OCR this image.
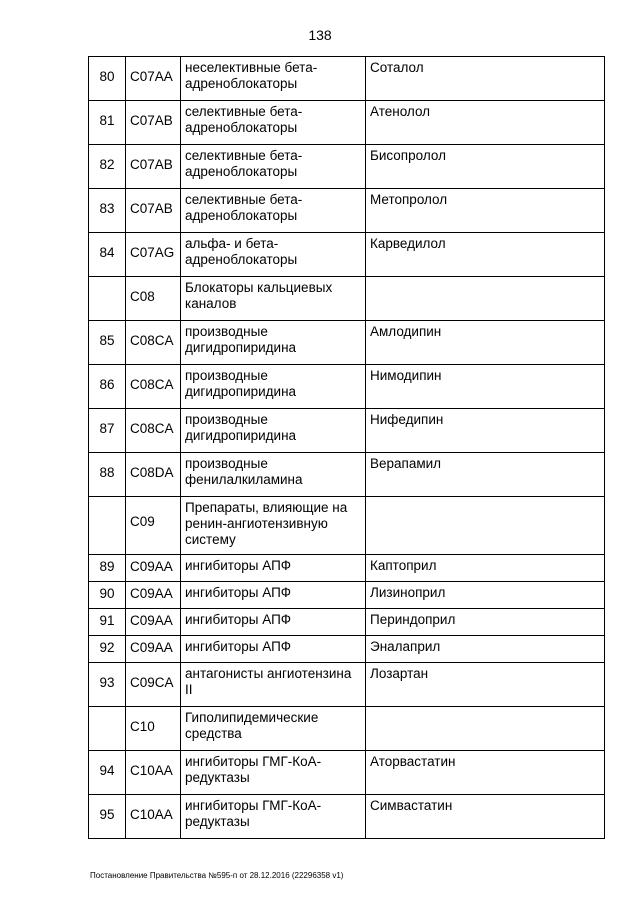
138
80	C07AA	неселективные бета-адреноблокаторы	Соталол

81	C07AB	селективные бета-адреноблокаторы	Атенолол

82	C07AB	селективные бета-адреноблокаторы	Бисопролол

83	C07AB	селективные бета-адреноблокаторы	Метопролол

84	C07AG	альфа- и бета-адреноблокаторы	Карведилол

	C08	Блокаторы кальциевых каналов	

85	C08CA	производные дигидропиридина	Амлодипин

86	C08CA	производные дигидропиридина	Нимодипин

87	C08CA	производные дигидропиридина	Нифедипин

88	C08DA	производные фенилалкиламина	Верапамил

	C09	Препараты, влияющие на ренин-ангиотензивную систему	

89	C09AA	ингибиторы АПФ	Каптоприл

90	C09AA	ингибиторы АПФ	Лизиноприл

91	C09AA	ингибиторы АПФ	Периндоприл

92	C09AA	ингибиторы АПФ	Эналаприл

93	C09CA	антагонисты ангиотензина II	Лозартан

	C10	Гиполипидемические средства	

94	C10AA	ингибиторы ГМГ-КоА-редуктазы	Аторвастатин

95	C10AA	ингибиторы ГМГ-КоА-редуктазы	Симвастатин
Постановление Правительства №595-п от 28.12.2016 (22296358 v1)
